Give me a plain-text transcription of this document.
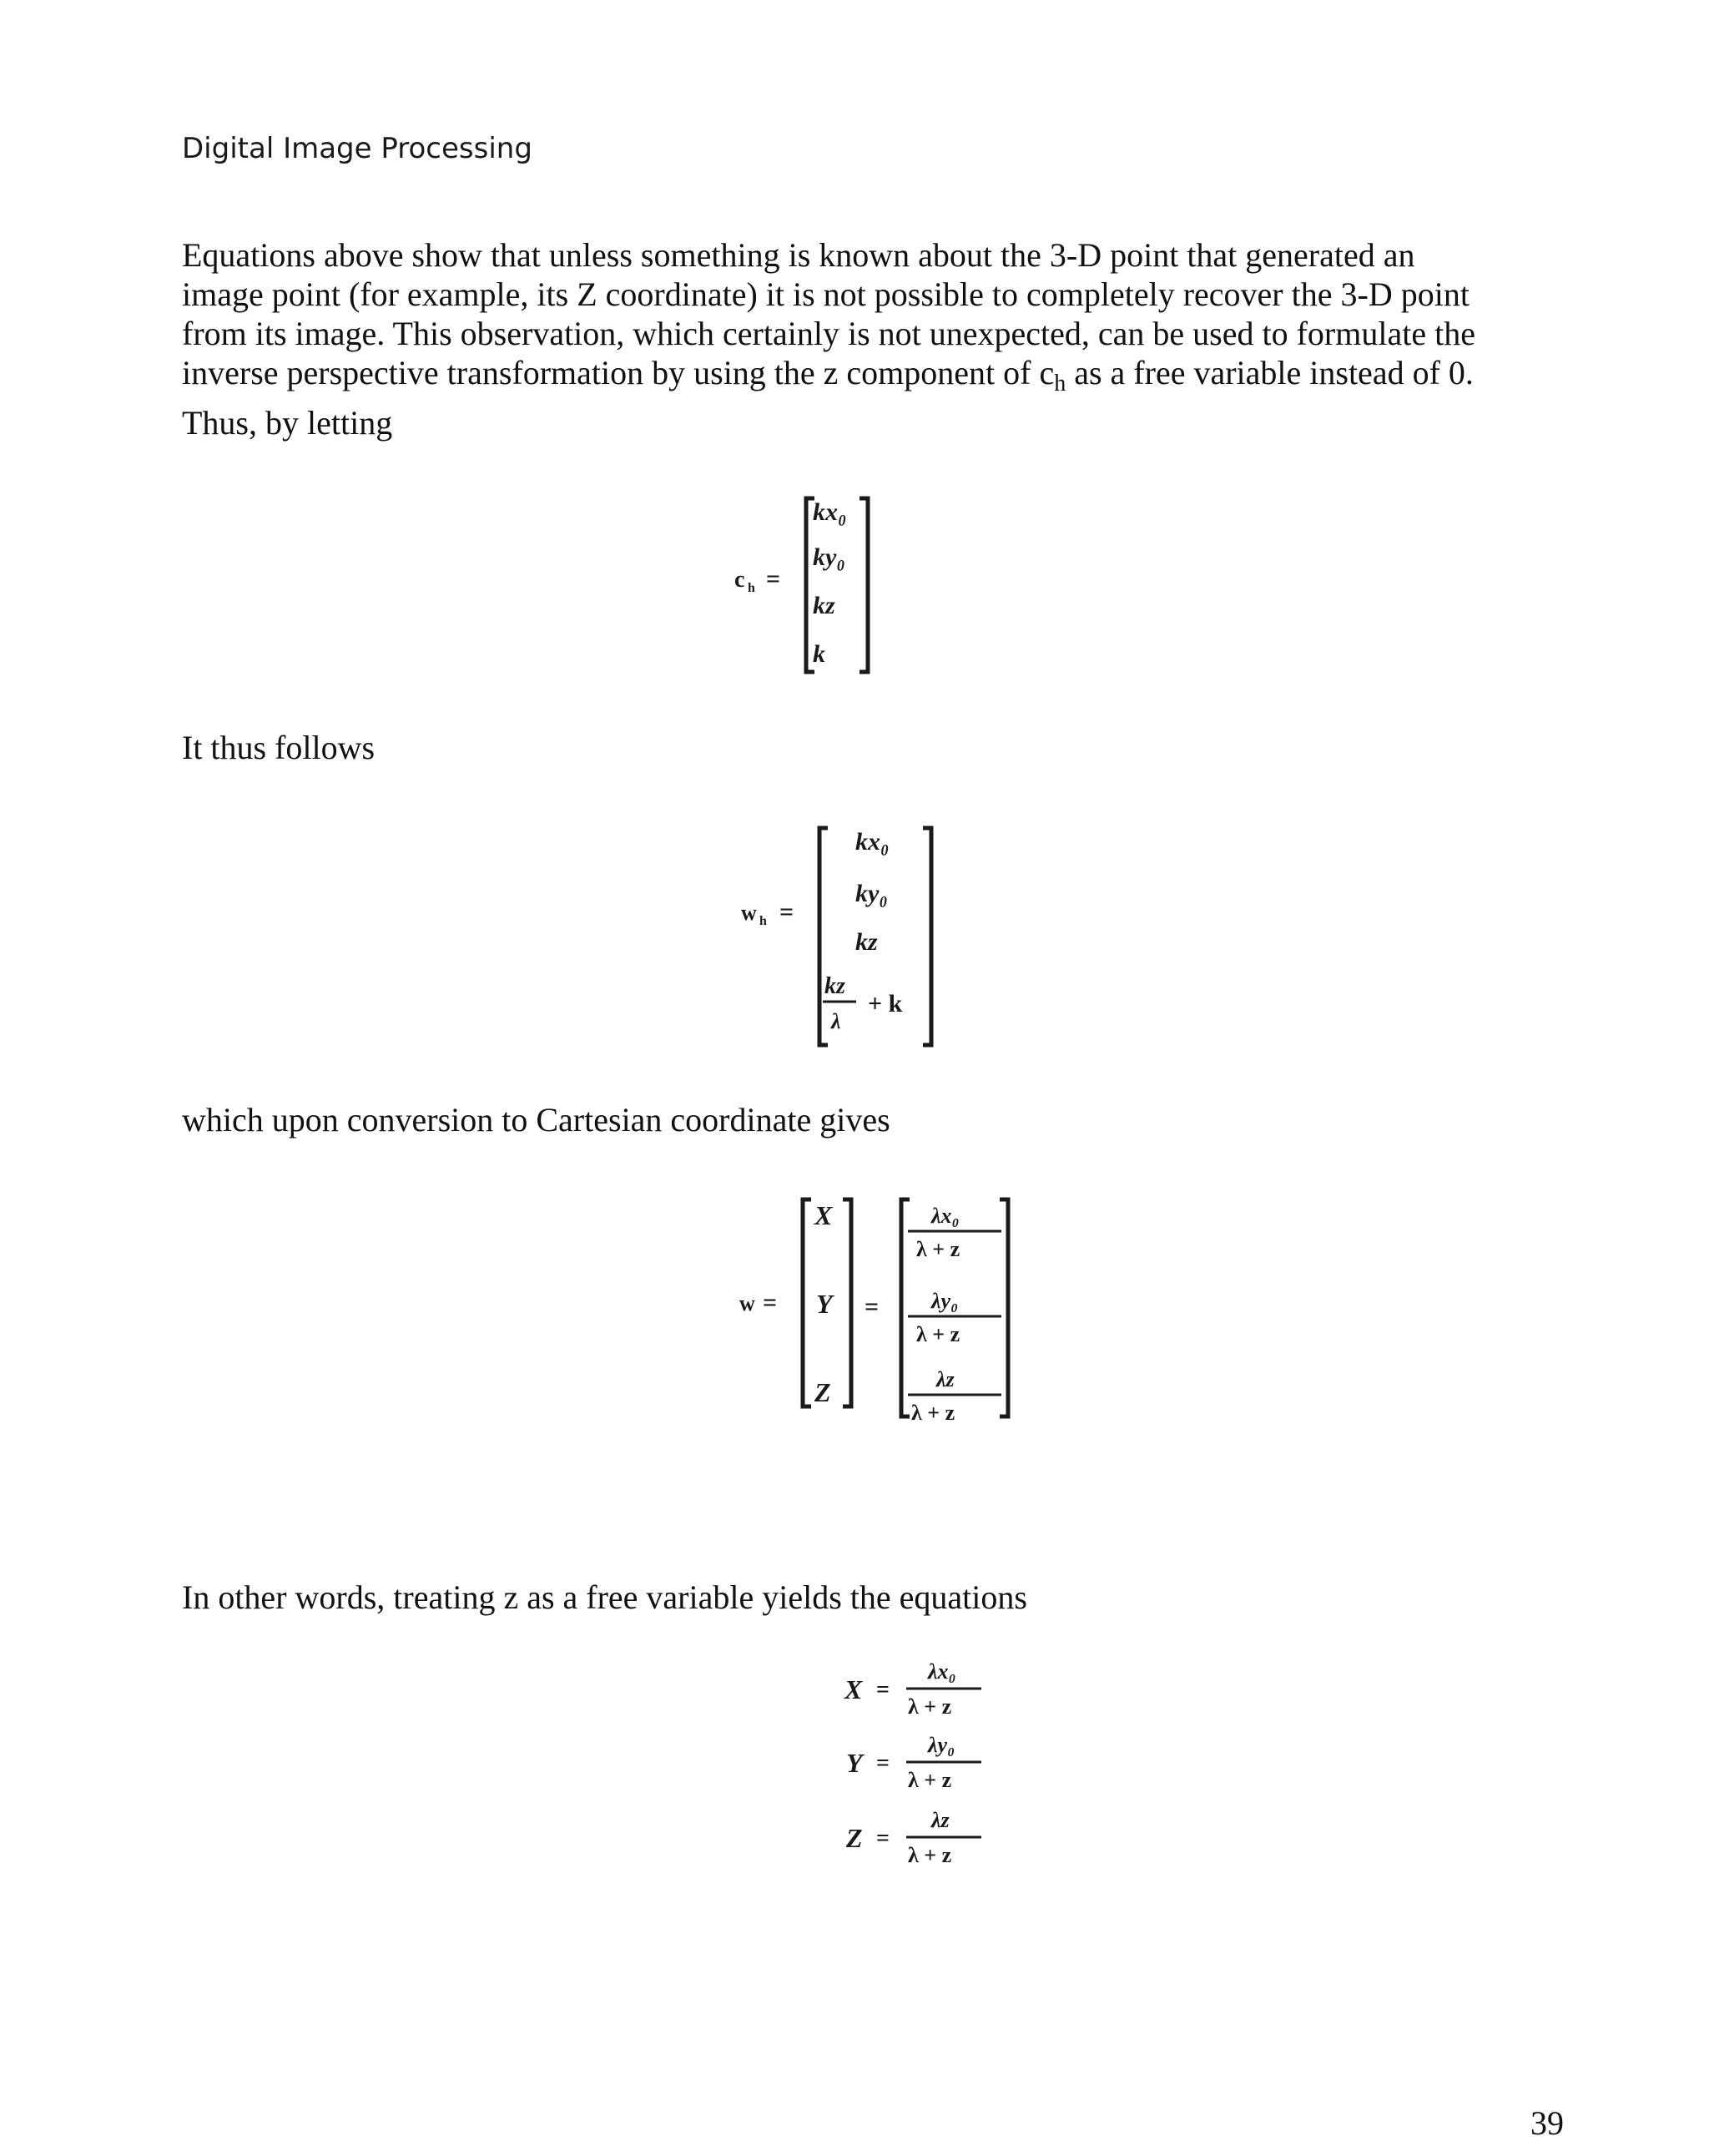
Digital Image Processing
Equations above show that unless something is known about the 3-D point that generated an
image point (for example, its Z coordinate) it is not possible to completely recover the 3-D point
from its image. This observation, which certainly is not unexpected, can be used to formulate the
inverse perspective transformation by using the z component of $c_h$ as a free variable instead of 0.
Thus, by letting
c h =
kx₀
ky₀
kz
k
It thus follows
w h =
kx₀
ky₀
kz
kz
λ
+ k
which upon conversion to Cartesian coordinate gives
w =
X
Y
Z
=
λx₀
λ + z
λy₀
λ + z
λz
λ + z
In other words, treating z as a free variable yields the equations
X =
λx₀
λ + z
Y =
λy₀
λ + z
Z =
λz
λ + z
39
